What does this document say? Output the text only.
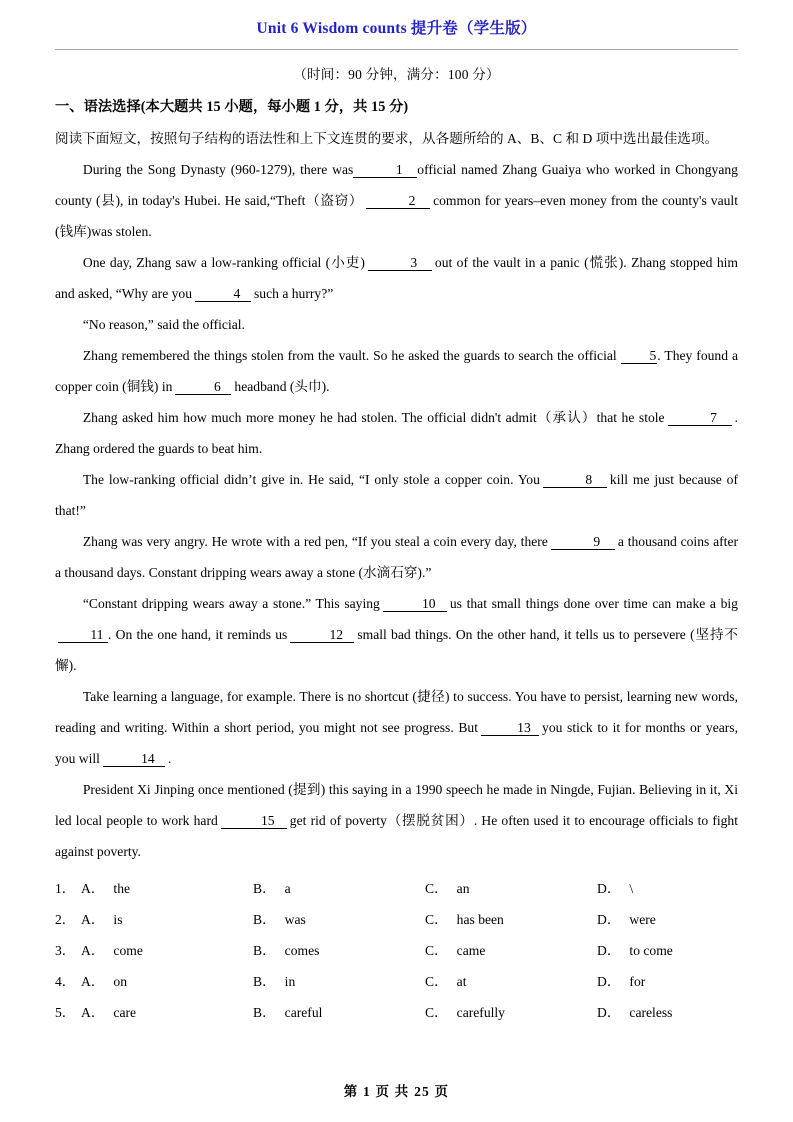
Unit 6 Wisdom counts 提升卷（学生版）
（时间：90 分钟，满分：100 分）
一、语法选择(本大题共 15 小题，每小题 1 分，共 15 分)

阅读下面短文，按照句子结构的语法性和上下文连贯的要求，从各题所给的 A、B、C 和 D 项中选出最佳选项。

During the Song Dynasty (960-1279), there was	1 official named Zhang Guaiya who worked in Chongyang county (县), in today's Hubei. He said,“Theft（盗窃）	2 common for years–even money from the county's vault (钱库)was stolen.

One day, Zhang saw a low-ranking official (小吏)	3 out of the vault in a panic (慌张). Zhang stopped him and asked, “Why are you	4 such a hurry?”

“No reason,” said the official.

Zhang remembered the things stolen from the vault. So he asked the guards to search the official 5. They found a copper coin (铜钱) in	6 headband (头巾).

Zhang asked him how much more money he had stolen. The official didn't admit（承认）that he stole	7 . Zhang ordered the guards to beat him.

The low-ranking official didn’t give in. He said, “I only stole a copper coin. You	8 kill me just because of that!”

Zhang was very angry. He wrote with a red pen, “If you steal a coin every day, there	9 a thousand coins after a thousand days. Constant dripping wears away a stone (水滴石穿).”

“Constant dripping wears away a stone.” This saying	10 us that small things done over time can make a big11 . On the one hand, it reminds us	12 small bad things. On the other hand, it tells us to persevere (坚持不懈).

Take learning a language, for example. There is no shortcut (捷径) to success. You have to persist, learning new words, reading and writing. Within a short period, you might not see progress. But	13 you stick to it for months or years, you will	14 .

President Xi Jinping once mentioned (提到) this saying in a 1990 speech he made in Ningde, Fujian. Believing in it, Xi led local people to work hard	15 get rid of poverty（摆脱贫困）. He often used it to encourage officials to fight against poverty.

1． A． the	B． a	C． an	D． \
2． A． is	B． was	C． has been	D． were
3． A． come	B． comes	C． came	D． to come
4． A． on	B． in	C． at	D． for
5． A． care	B． careful	C． carefully	D． careless
第 1 页 共 25 页
